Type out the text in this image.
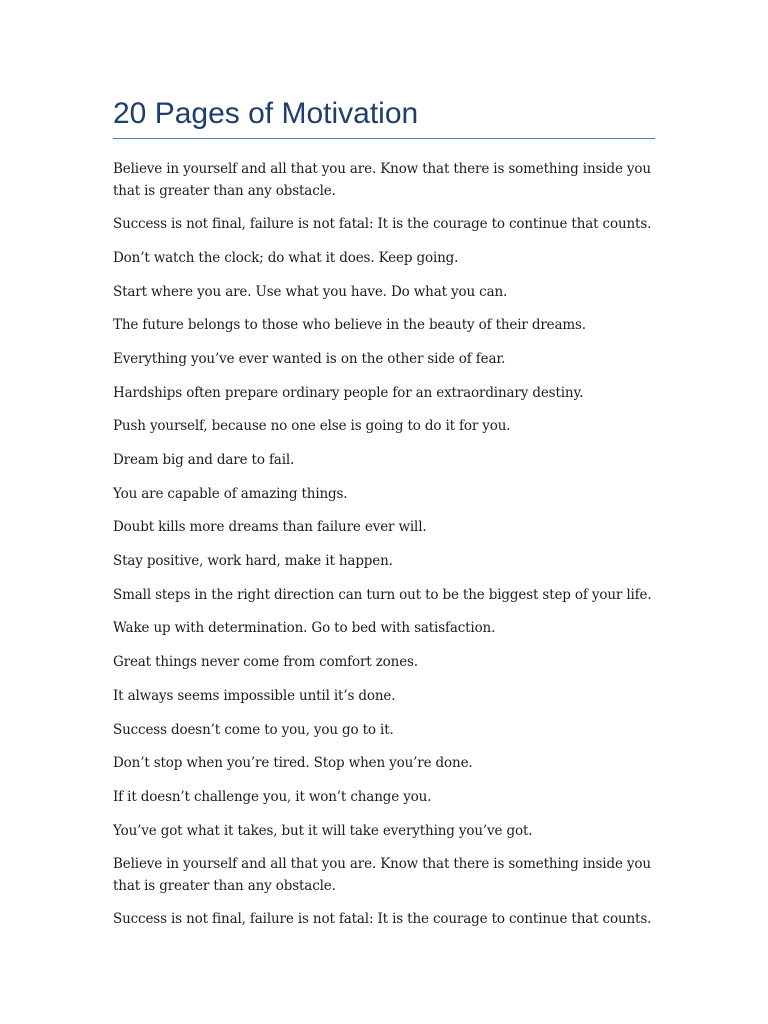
20 Pages of Motivation

Believe in yourself and all that you are. Know that there is something inside you that is greater than any obstacle.

Success is not final, failure is not fatal: It is the courage to continue that counts.

Don’t watch the clock; do what it does. Keep going.

Start where you are. Use what you have. Do what you can.

The future belongs to those who believe in the beauty of their dreams.

Everything you’ve ever wanted is on the other side of fear.

Hardships often prepare ordinary people for an extraordinary destiny.

Push yourself, because no one else is going to do it for you.

Dream big and dare to fail.

You are capable of amazing things.

Doubt kills more dreams than failure ever will.

Stay positive, work hard, make it happen.

Small steps in the right direction can turn out to be the biggest step of your life.

Wake up with determination. Go to bed with satisfaction.

Great things never come from comfort zones.

It always seems impossible until it’s done.

Success doesn’t come to you, you go to it.

Don’t stop when you’re tired. Stop when you’re done.

If it doesn’t challenge you, it won’t change you.

You’ve got what it takes, but it will take everything you’ve got.

Believe in yourself and all that you are. Know that there is something inside you that is greater than any obstacle.

Success is not final, failure is not fatal: It is the courage to continue that counts.
